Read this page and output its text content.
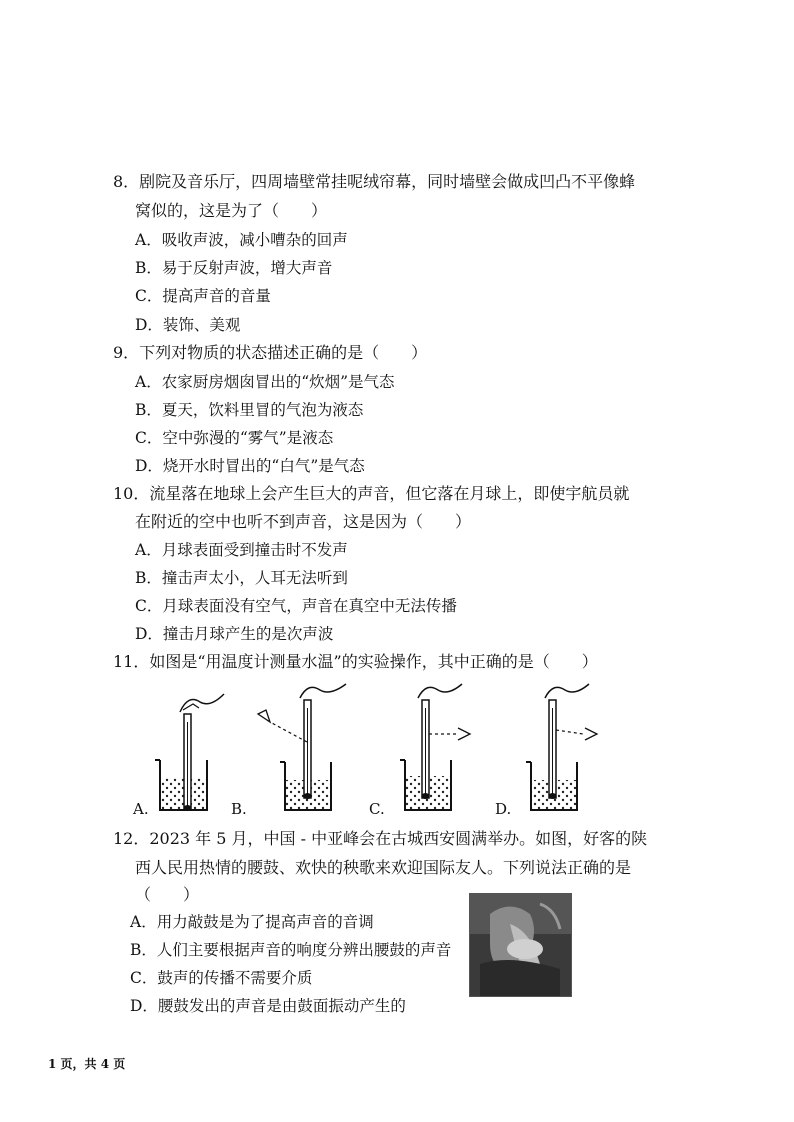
8．剧院及音乐厅，四周墙壁常挂呢绒帘幕，同时墙壁会做成凹凸不平像蜂
窝似的，这是为了（　　）
A．吸收声波，减小嘈杂的回声
B．易于反射声波，增大声音
C．提高声音的音量
D．装饰、美观
9．下列对物质的状态描述正确的是（　　）
A．农家厨房烟囱冒出的“炊烟”是气态
B．夏天，饮料里冒的气泡为液态
C．空中弥漫的“雾气”是液态
D．烧开水时冒出的“白气”是气态
10．流星落在地球上会产生巨大的声音，但它落在月球上，即使宇航员就
在附近的空中也听不到声音，这是因为（　　）
A．月球表面受到撞击时不发声
B．撞击声太小，人耳无法听到
C．月球表面没有空气，声音在真空中无法传播
D．撞击月球产生的是次声波
11．如图是“用温度计测量水温”的实验操作，其中正确的是（　　）
A.	B.	C.	D.
12．2023 年 5 月，中国 - 中亚峰会在古城西安圆满举办。如图，好客的陕
西人民用热情的腰鼓、欢快的秧歌来欢迎国际友人。下列说法正确的是
（　　）
A．用力敲鼓是为了提高声音的音调
B．人们主要根据声音的响度分辨出腰鼓的声音
C．鼓声的传播不需要介质
D．腰鼓发出的声音是由鼓面振动产生的
1 页，共 4 页
